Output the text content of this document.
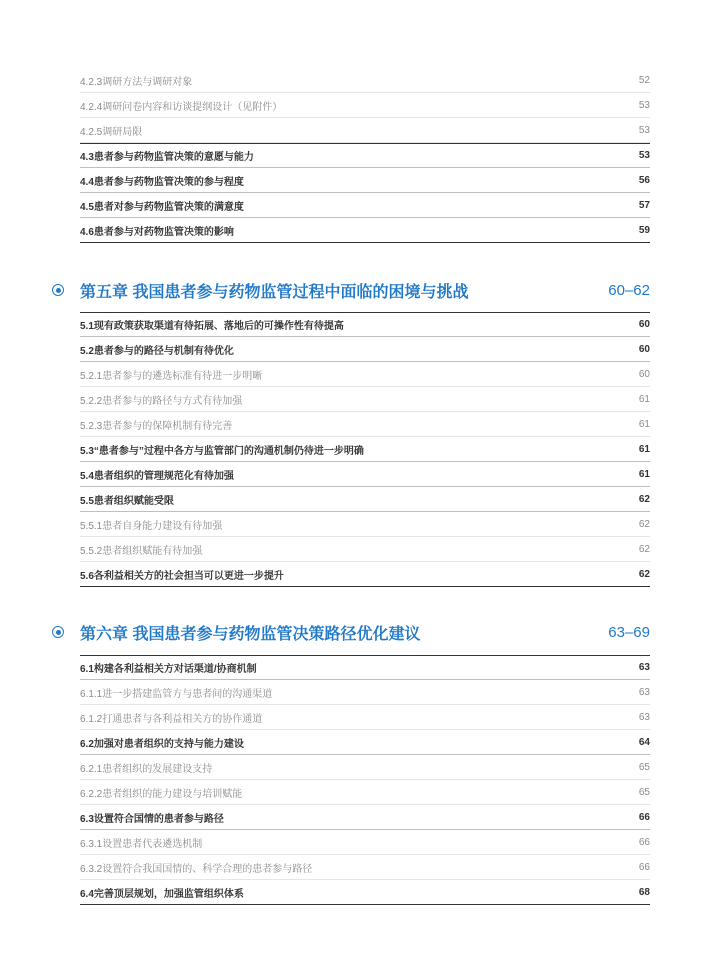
4.2.3调研方法与调研对象	52
4.2.4调研问卷内容和访谈提纲设计（见附件）	53
4.2.5调研局限	53
4.3患者参与药物监管决策的意愿与能力	53
4.4患者参与药物监管决策的参与程度	56
4.5患者对参与药物监管决策的满意度	57
4.6患者参与对药物监管决策的影响	59
第五章 我国患者参与药物监管过程中面临的困境与挑战	60–62
5.1现有政策获取渠道有待拓展、落地后的可操作性有待提高	60
5.2患者参与的路径与机制有待优化	60
5.2.1患者参与的遴选标准有待进一步明晰	60
5.2.2患者参与的路径与方式有待加强	61
5.2.3患者参与的保障机制有待完善	61
5.3“患者参与”过程中各方与监管部门的沟通机制仍待进一步明确	61
5.4患者组织的管理规范化有待加强	61
5.5患者组织赋能受限	62
5.5.1患者自身能力建设有待加强	62
5.5.2患者组织赋能有待加强	62
5.6各利益相关方的社会担当可以更进一步提升	62
第六章 我国患者参与药物监管决策路径优化建议	63–69
6.1构建各利益相关方对话渠道/协商机制	63
6.1.1进一步搭建监管方与患者间的沟通渠道	63
6.1.2打通患者与各利益相关方的协作通道	63
6.2加强对患者组织的支持与能力建设	64
6.2.1患者组织的发展建设支持	65
6.2.2患者组织的能力建设与培训赋能	65
6.3设置符合国情的患者参与路径	66
6.3.1设置患者代表遴选机制	66
6.3.2设置符合我国国情的、科学合理的患者参与路径	66
6.4完善顶层规划，加强监管组织体系	68
